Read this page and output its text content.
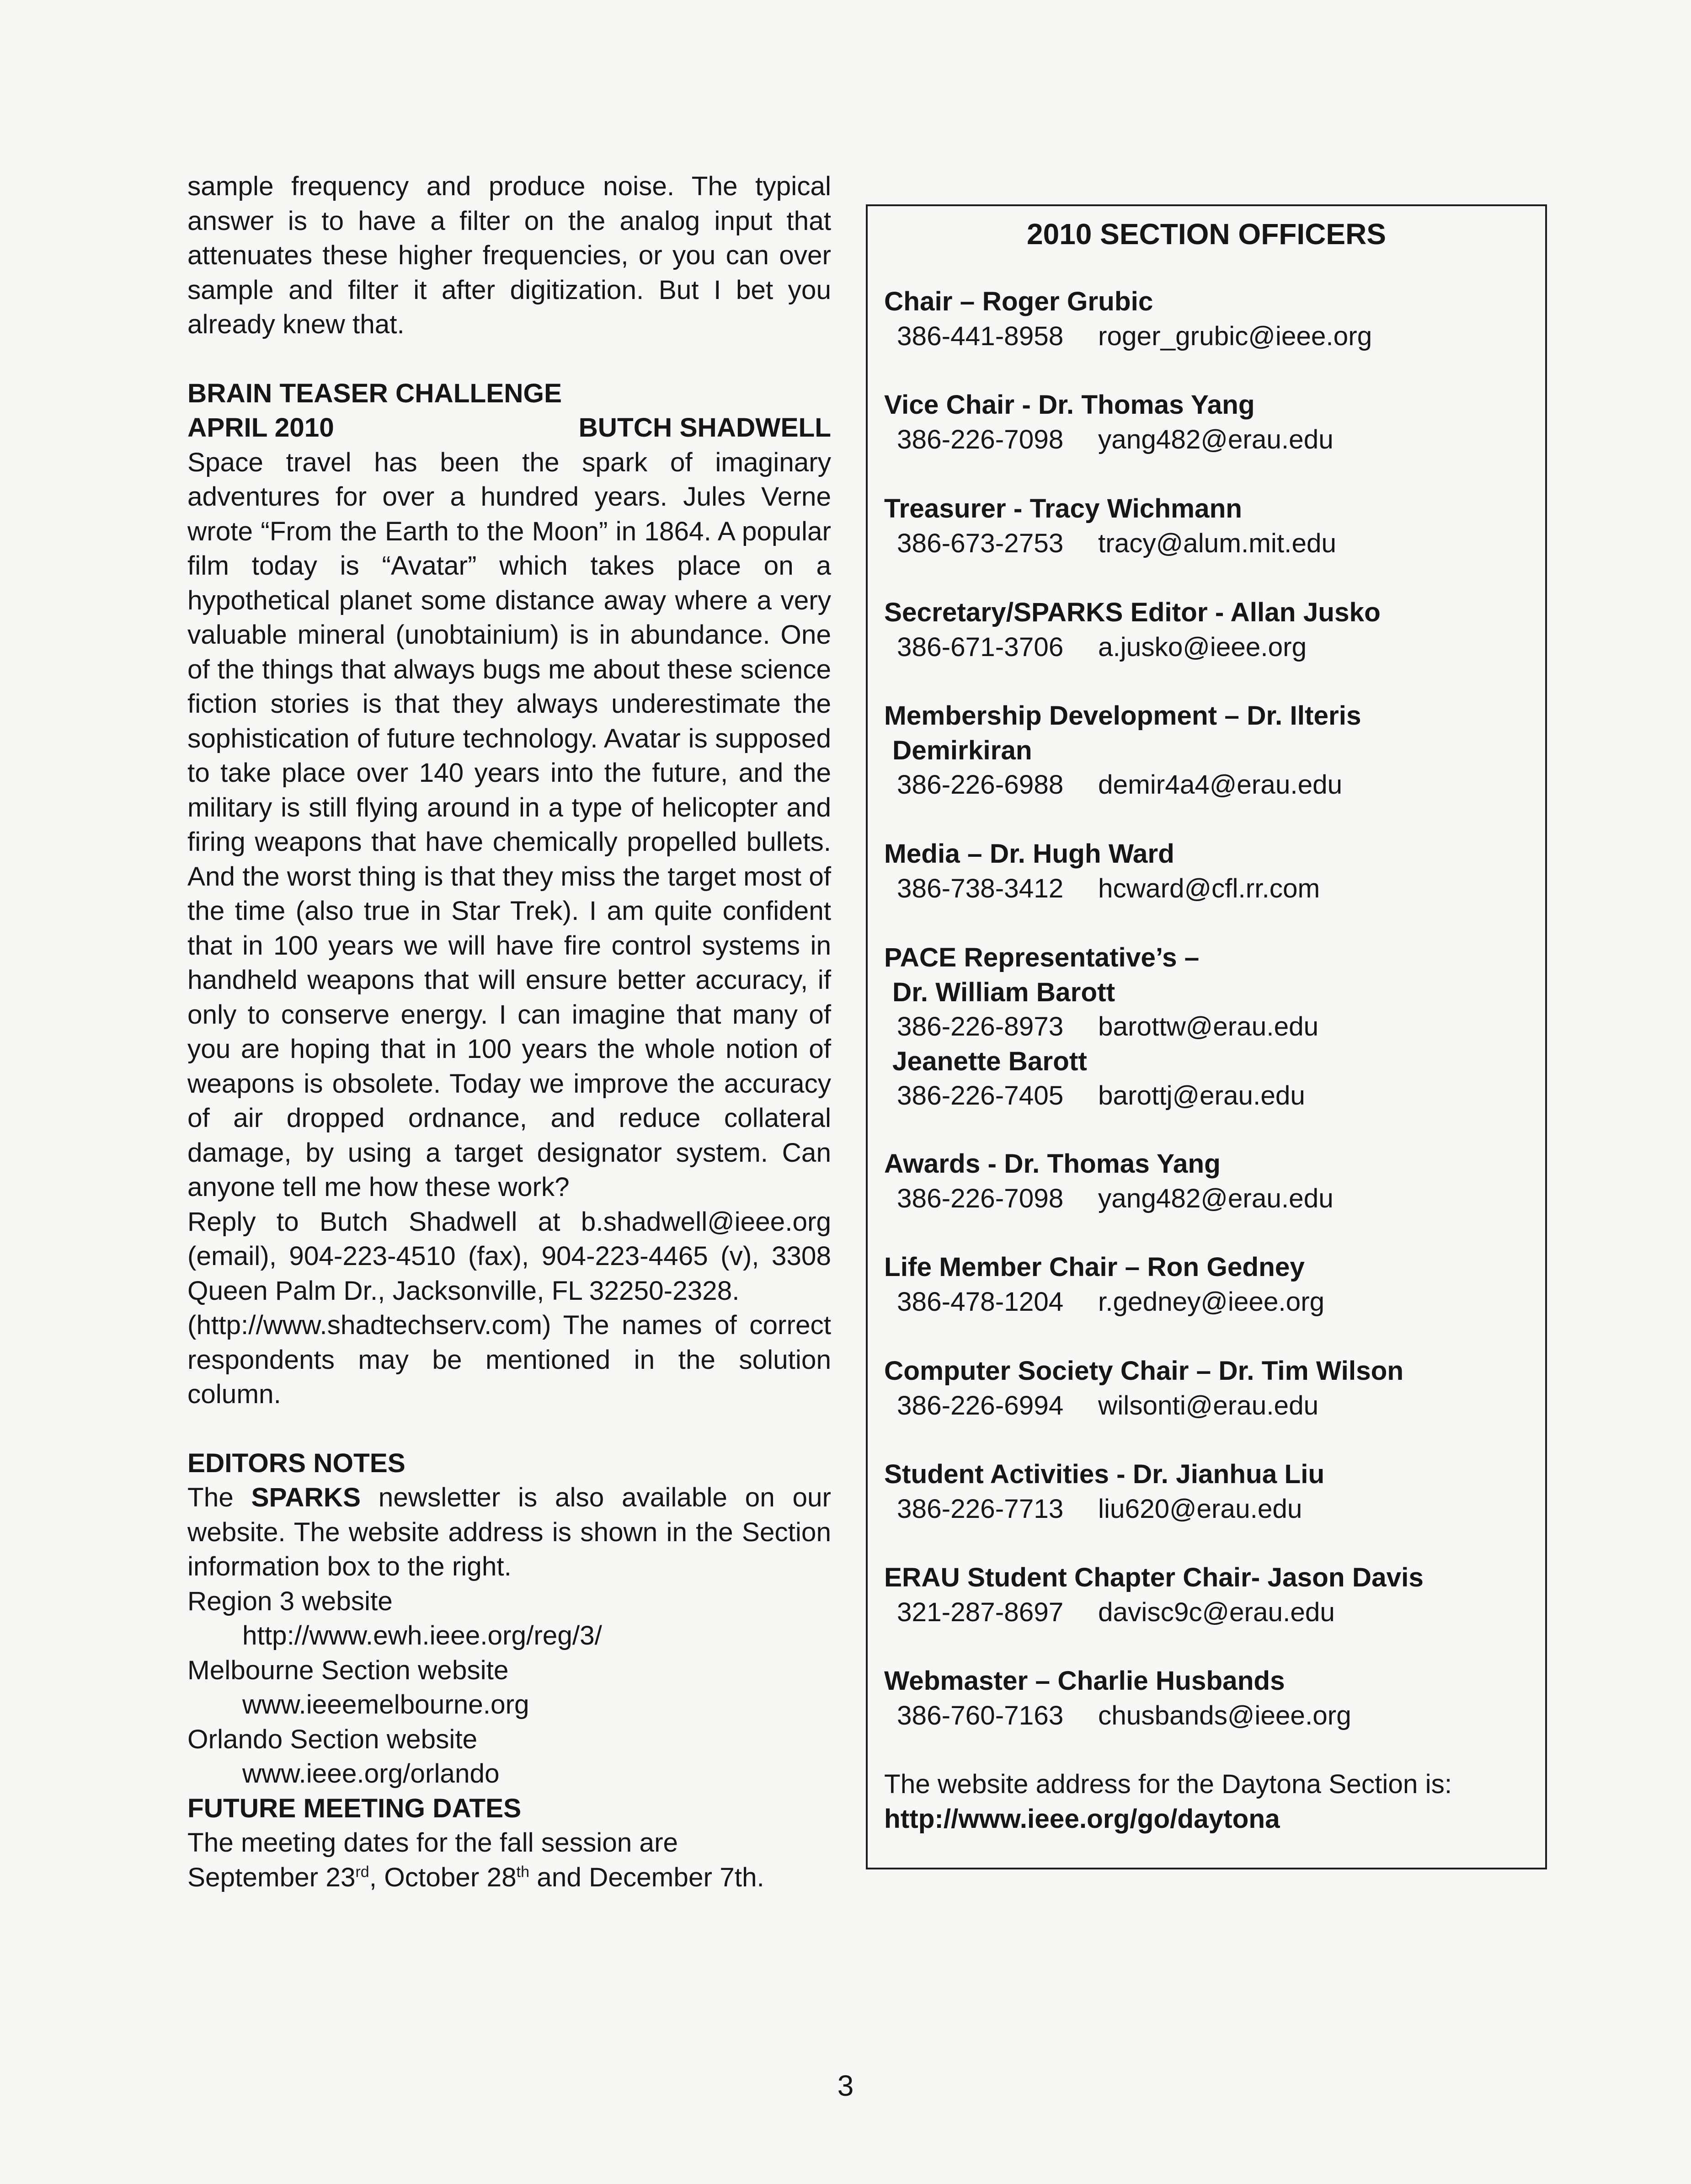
sample frequency and produce noise. The typical answer is to have a filter on the analog input that attenuates these higher frequencies, or you can over sample and filter it after digitization. But I bet you already knew that.

BRAIN TEASER CHALLENGE

APRIL 2010	BUTCH SHADWELL

Space travel has been the spark of imaginary adventures for over a hundred years. Jules Verne wrote “From the Earth to the Moon” in 1864. A popular film today is “Avatar” which takes place on a hypothetical planet some distance away where a very valuable mineral (unobtainium) is in abundance. One of the things that always bugs me about these science fiction stories is that they always underestimate the sophistication of future technology. Avatar is supposed to take place over 140 years into the future, and the military is still flying around in a type of helicopter and firing weapons that have chemically propelled bullets. And the worst thing is that they miss the target most of the time (also true in Star Trek). I am quite confident that in 100 years we will have fire control systems in handheld weapons that will ensure better accuracy, if only to conserve energy. I can imagine that many of you are hoping that in 100 years the whole notion of weapons is obsolete. Today we improve the accuracy of air dropped ordnance, and reduce collateral damage, by using a target designator system. Can anyone tell me how these work?

Reply to Butch Shadwell at b.shadwell@ieee.org (email), 904-223-4510 (fax), 904-223-4465 (v), 3308 Queen Palm Dr., Jacksonville, FL 32250-2328.

(http://www.shadtechserv.com) The names of correct respondents may be mentioned in the solution column.

EDITORS NOTES

The SPARKS newsletter is also available on our website. The website address is shown in the Section information box to the right.

Region 3 website

http://www.ewh.ieee.org/reg/3/

Melbourne Section website

www.ieeemelbourne.org

Orlando Section website

www.ieee.org/orlando

FUTURE MEETING DATES

The meeting dates for the fall session are

September 23rd, October 28th and December 7th.

2010 SECTION OFFICERS
Chair – Roger Grubic
386-441-8958 roger_grubic@ieee.org
Vice Chair - Dr. Thomas Yang
386-226-7098 yang482@erau.edu
Treasurer - Tracy Wichmann
386-673-2753 tracy@alum.mit.edu
Secretary/SPARKS Editor - Allan Jusko
386-671-3706 a.jusko@ieee.org
Membership Development – Dr. Ilteris
Demirkiran
386-226-6988 demir4a4@erau.edu
Media – Dr. Hugh Ward
386-738-3412 hcward@cfl.rr.com
PACE Representative’s –
Dr. William Barott
386-226-8973 barottw@erau.edu
Jeanette Barott
386-226-7405 barottj@erau.edu
Awards - Dr. Thomas Yang
386-226-7098 yang482@erau.edu
Life Member Chair – Ron Gedney
386-478-1204 r.gedney@ieee.org
Computer Society Chair – Dr. Tim Wilson
386-226-6994 wilsonti@erau.edu
Student Activities - Dr. Jianhua Liu
386-226-7713 liu620@erau.edu
ERAU Student Chapter Chair- Jason Davis
321-287-8697 davisc9c@erau.edu
Webmaster – Charlie Husbands
386-760-7163 chusbands@ieee.org
The website address for the Daytona Section is:
http://www.ieee.org/go/daytona
3
